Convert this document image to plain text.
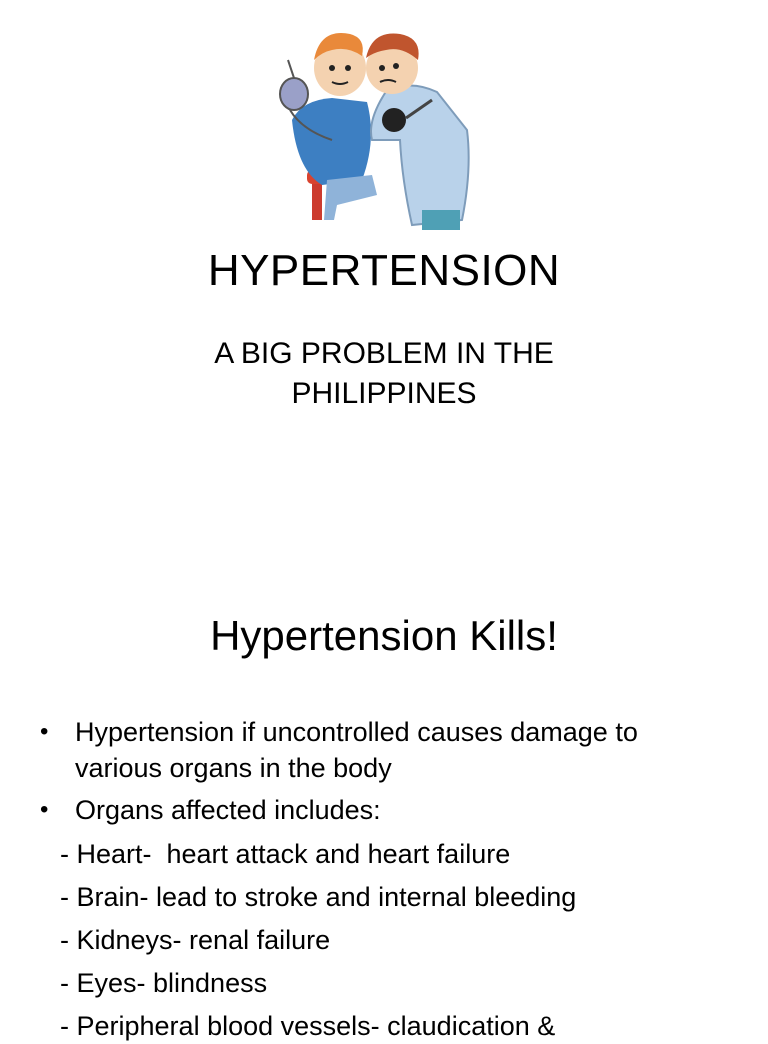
HYPERTENSION
A BIG PROBLEM IN THE
PHILIPPINES
Hypertension Kills!
• Hypertension if uncontrolled causes damage to various organs in the body
• Organs affected includes:
- Heart-  heart attack and heart failure
- Brain- lead to stroke and internal bleeding
- Kidneys- renal failure
- Eyes- blindness
- Peripheral blood vessels- claudication &
